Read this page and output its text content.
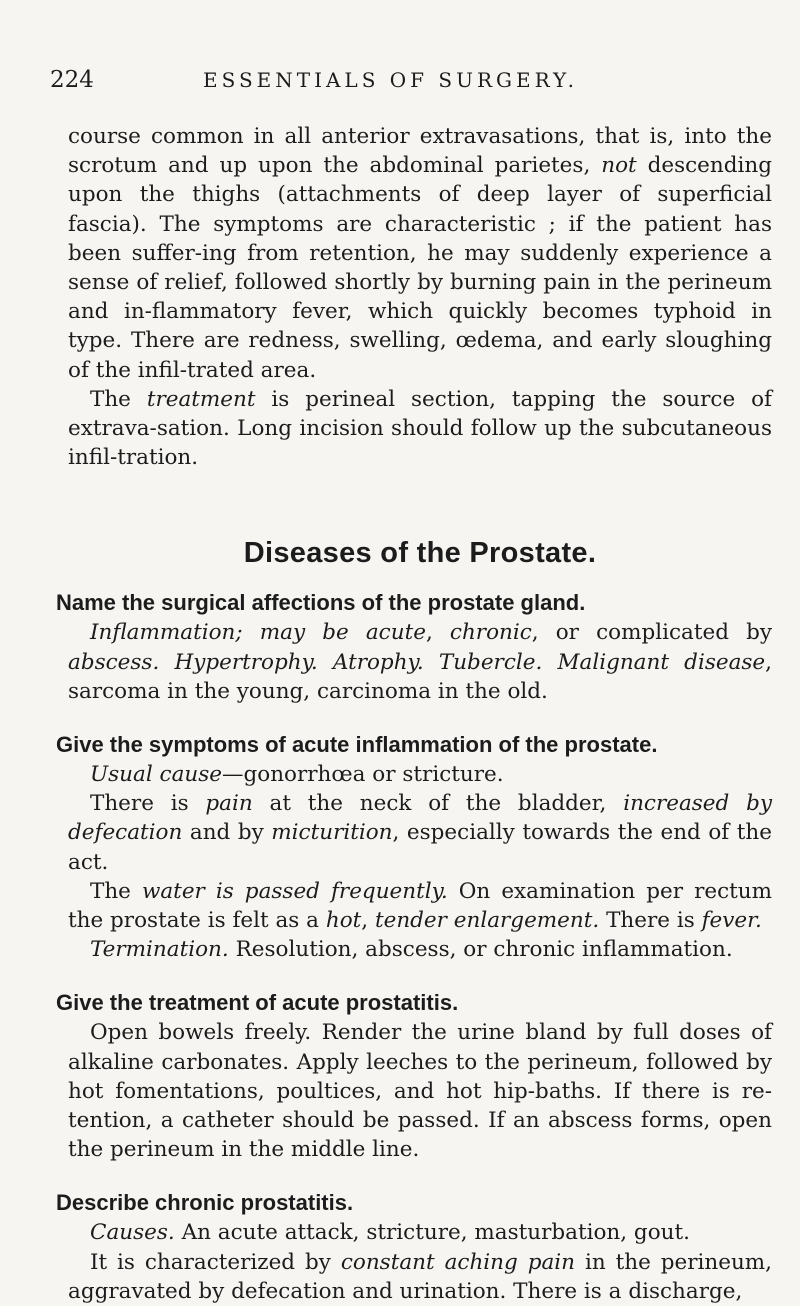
224	ESSENTIALS OF SURGERY.

course common in all anterior extravasations, that is, into the scrotum and up upon the abdominal parietes, not descending upon the thighs (attachments of deep layer of superficial fascia). The symptoms are characteristic ; if the patient has been suffer-ing from retention, he may suddenly experience a sense of relief, followed shortly by burning pain in the perineum and in-flammatory fever, which quickly becomes typhoid in type. There are redness, swelling, œdema, and early sloughing of the infil-trated area.

The treatment is perineal section, tapping the source of extrava-sation. Long incision should follow up the subcutaneous infil-tration.

Diseases of the Prostate.
Name the surgical affections of the prostate gland.

Inflammation; may be acute, chronic, or complicated by abscess. Hypertrophy. Atrophy. Tubercle. Malignant disease, sarcoma in the young, carcinoma in the old.

Give the symptoms of acute inflammation of the prostate.

Usual cause—gonorrhœa or stricture.

There is pain at the neck of the bladder, increased by defecation and by micturition, especially towards the end of the act.

The water is passed frequently. On examination per rectum the prostate is felt as a hot, tender enlargement. There is fever.

Termination. Resolution, abscess, or chronic inflammation.

Give the treatment of acute prostatitis.

Open bowels freely. Render the urine bland by full doses of alkaline carbonates. Apply leeches to the perineum, followed by hot fomentations, poultices, and hot hip-baths. If there is re-tention, a catheter should be passed. If an abscess forms, open the perineum in the middle line.

Describe chronic prostatitis.

Causes. An acute attack, stricture, masturbation, gout.

It is characterized by constant aching pain in the perineum, aggravated by defecation and urination. There is a discharge,
